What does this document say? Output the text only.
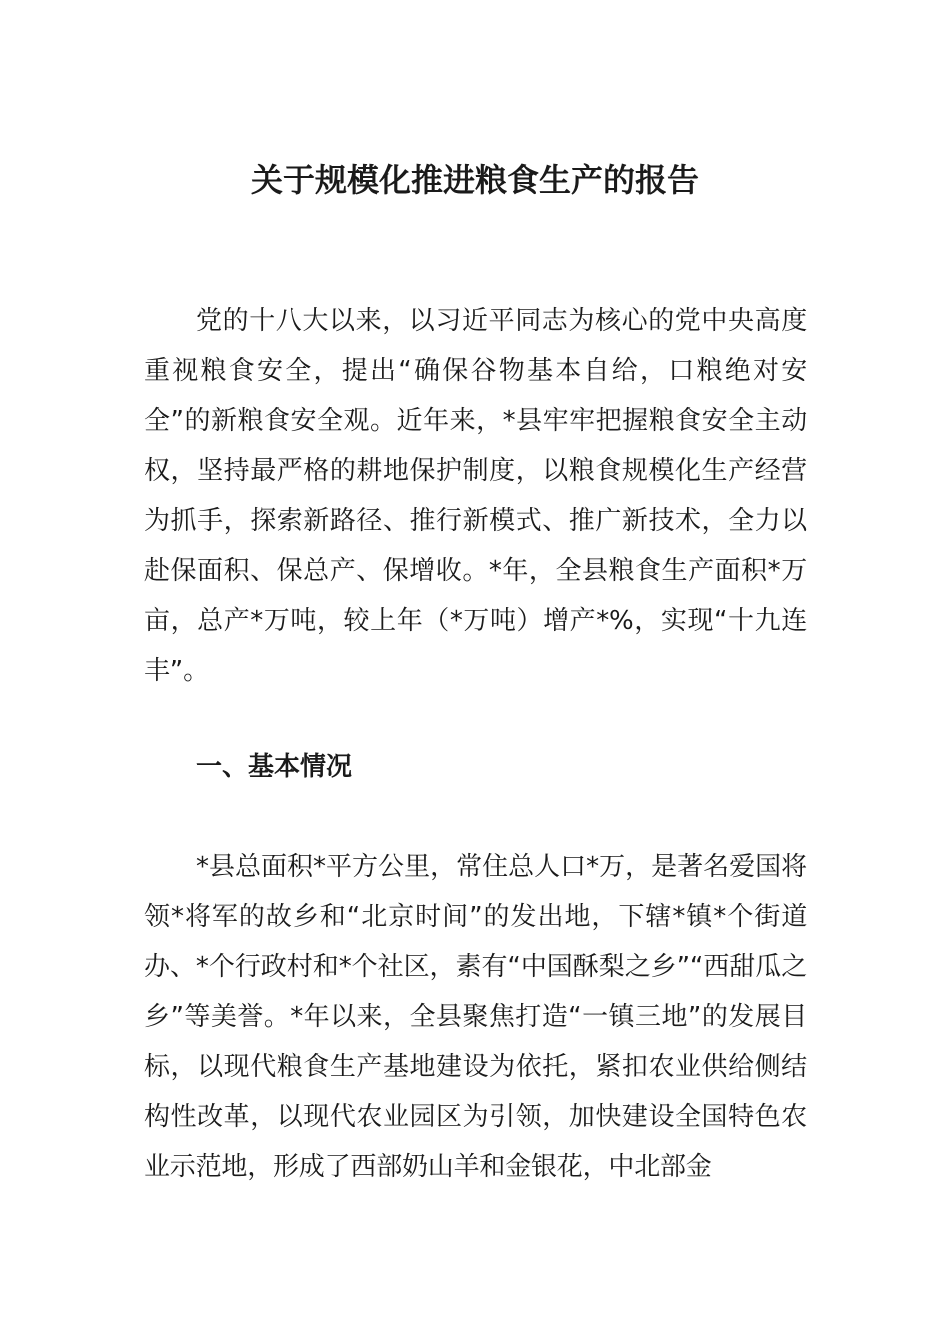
关于规模化推进粮食生产的报告

党的十八大以来，以习近平同志为核心的党中央高度重视粮食安全，提出“确保谷物基本自给，口粮绝对安全”的新粮食安全观。近年来，*县牢牢把握粮食安全主动权，坚持最严格的耕地保护制度，以粮食规模化生产经营为抓手，探索新路径、推行新模式、推广新技术，全力以赴保面积、保总产、保增收。*年，全县粮食生产面积*万亩，总产*万吨，较上年（*万吨）增产*%，实现“十九连丰”。

一、基本情况

*县总面积*平方公里，常住总人口*万，是著名爱国将领*将军的故乡和“北京时间”的发出地，下辖*镇*个街道办、*个行政村和*个社区，素有“中国酥梨之乡”“西甜瓜之乡”等美誉。*年以来，全县聚焦打造“一镇三地”的发展目标，以现代粮食生产基地建设为依托，紧扣农业供给侧结构性改革，以现代农业园区为引领，加快建设全国特色农业示范地，形成了西部奶山羊和金银花，中北部金
